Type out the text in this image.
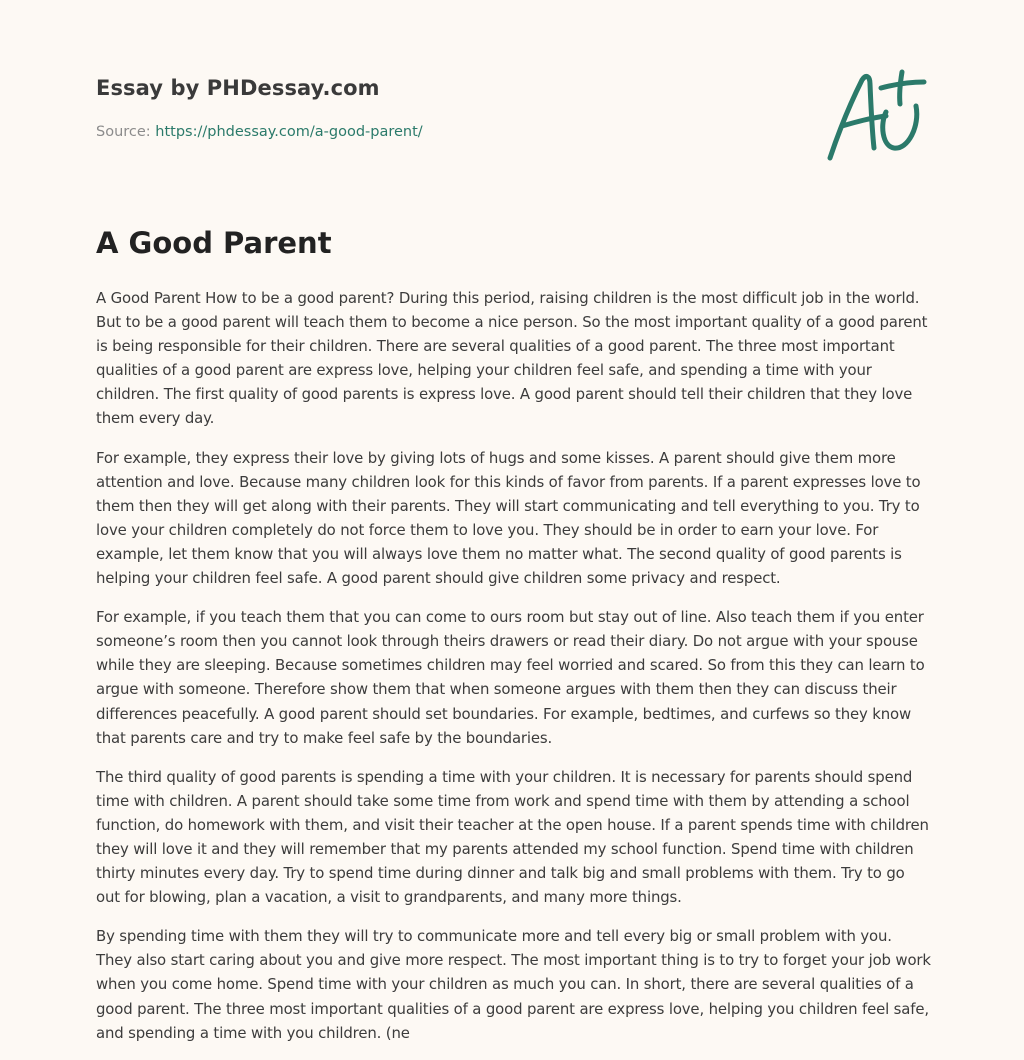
Essay by PHDessay.com
Source: https://phdessay.com/a-good-parent/
A Good Parent

A Good Parent How to be a good parent? During this period, raising children is the most difficult job in the world. But to be a good parent will teach them to become a nice person. So the most important quality of a good parent is being responsible for their children. There are several qualities of a good parent. The three most important qualities of a good parent are express love, helping your children feel safe, and spending a time with your children. The first quality of good parents is express love. A good parent should tell their children that they love them every day.

For example, they express their love by giving lots of hugs and some kisses. A parent should give them more attention and love. Because many children look for this kinds of favor from parents. If a parent expresses love to them then they will get along with their parents. They will start communicating and tell everything to you. Try to love your children completely do not force them to love you. They should be in order to earn your love. For example, let them know that you will always love them no matter what. The second quality of good parents is helping your children feel safe. A good parent should give children some privacy and respect.

For example, if you teach them that you can come to ours room but stay out of line. Also teach them if you enter someone’s room then you cannot look through theirs drawers or read their diary. Do not argue with your spouse while they are sleeping. Because sometimes children may feel worried and scared. So from this they can learn to argue with someone. Therefore show them that when someone argues with them then they can discuss their differences peacefully. A good parent should set boundaries. For example, bedtimes, and curfews so they know that parents care and try to make feel safe by the boundaries.

The third quality of good parents is spending a time with your children. It is necessary for parents should spend time with children. A parent should take some time from work and spend time with them by attending a school function, do homework with them, and visit their teacher at the open house. If a parent spends time with children they will love it and they will remember that my parents attended my school function. Spend time with children thirty minutes every day. Try to spend time during dinner and talk big and small problems with them. Try to go out for blowing, plan a vacation, a visit to grandparents, and many more things.

By spending time with them they will try to communicate more and tell every big or small problem with you. They also start caring about you and give more respect. The most important thing is to try to forget your job work when you come home. Spend time with your children as much you can. In short, there are several qualities of a good parent. The three most important qualities of a good parent are express love, helping you children feel safe, and spending a time with you children. (ne
